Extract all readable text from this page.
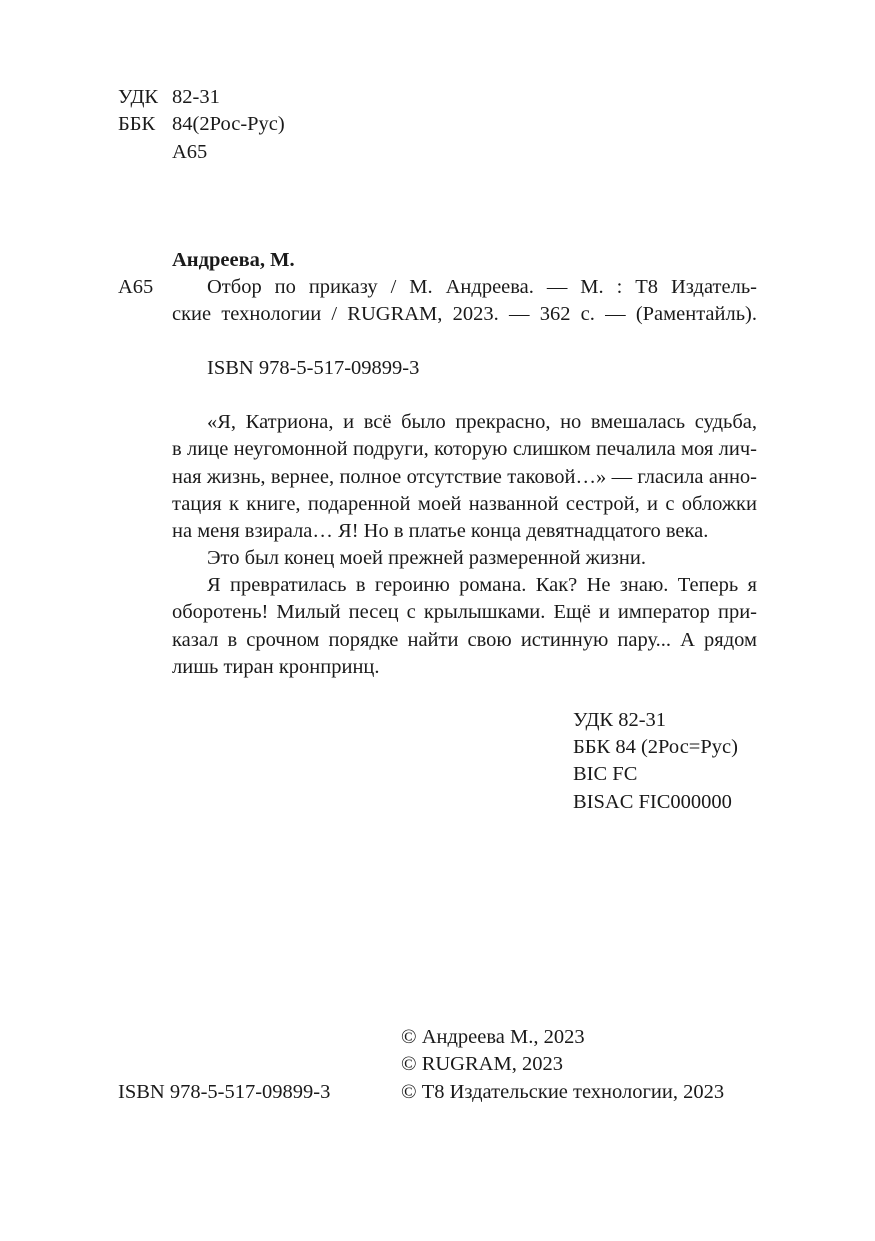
УДК 82-31
ББК 84(2Рос-Рус)
А65
Андреева, М.
А65	Отбор по приказу / М. Андреева. — М. : Т8 Издатель-
ские технологии / RUGRAM, 2023. — 362 с. — (Раментайль).
ISBN 978-5-517-09899-3
«Я, Катриона, и всё было прекрасно, но вмешалась судьба,
в лице неугомонной подруги, которую слишком печалила моя лич-
ная жизнь, вернее, полное отсутствие таковой…» — гласила анно-
тация к книге, подаренной моей названной сестрой, и с обложки
на меня взирала… Я! Но в платье конца девятнадцатого века.
Это был конец моей прежней размеренной жизни.
Я превратилась в героиню романа. Как? Не знаю. Теперь я
оборотень! Милый песец с крылышками. Ещё и император при-
казал в срочном порядке найти свою истинную пару... А рядом
лишь тиран кронпринц.
УДК 82-31
ББК 84 (2Рос=Рус)
BIC FC
BISAC FIC000000
© Андреева М., 2023
© RUGRAM, 2023
© Т8 Издательские технологии, 2023
ISBN 978-5-517-09899-3
